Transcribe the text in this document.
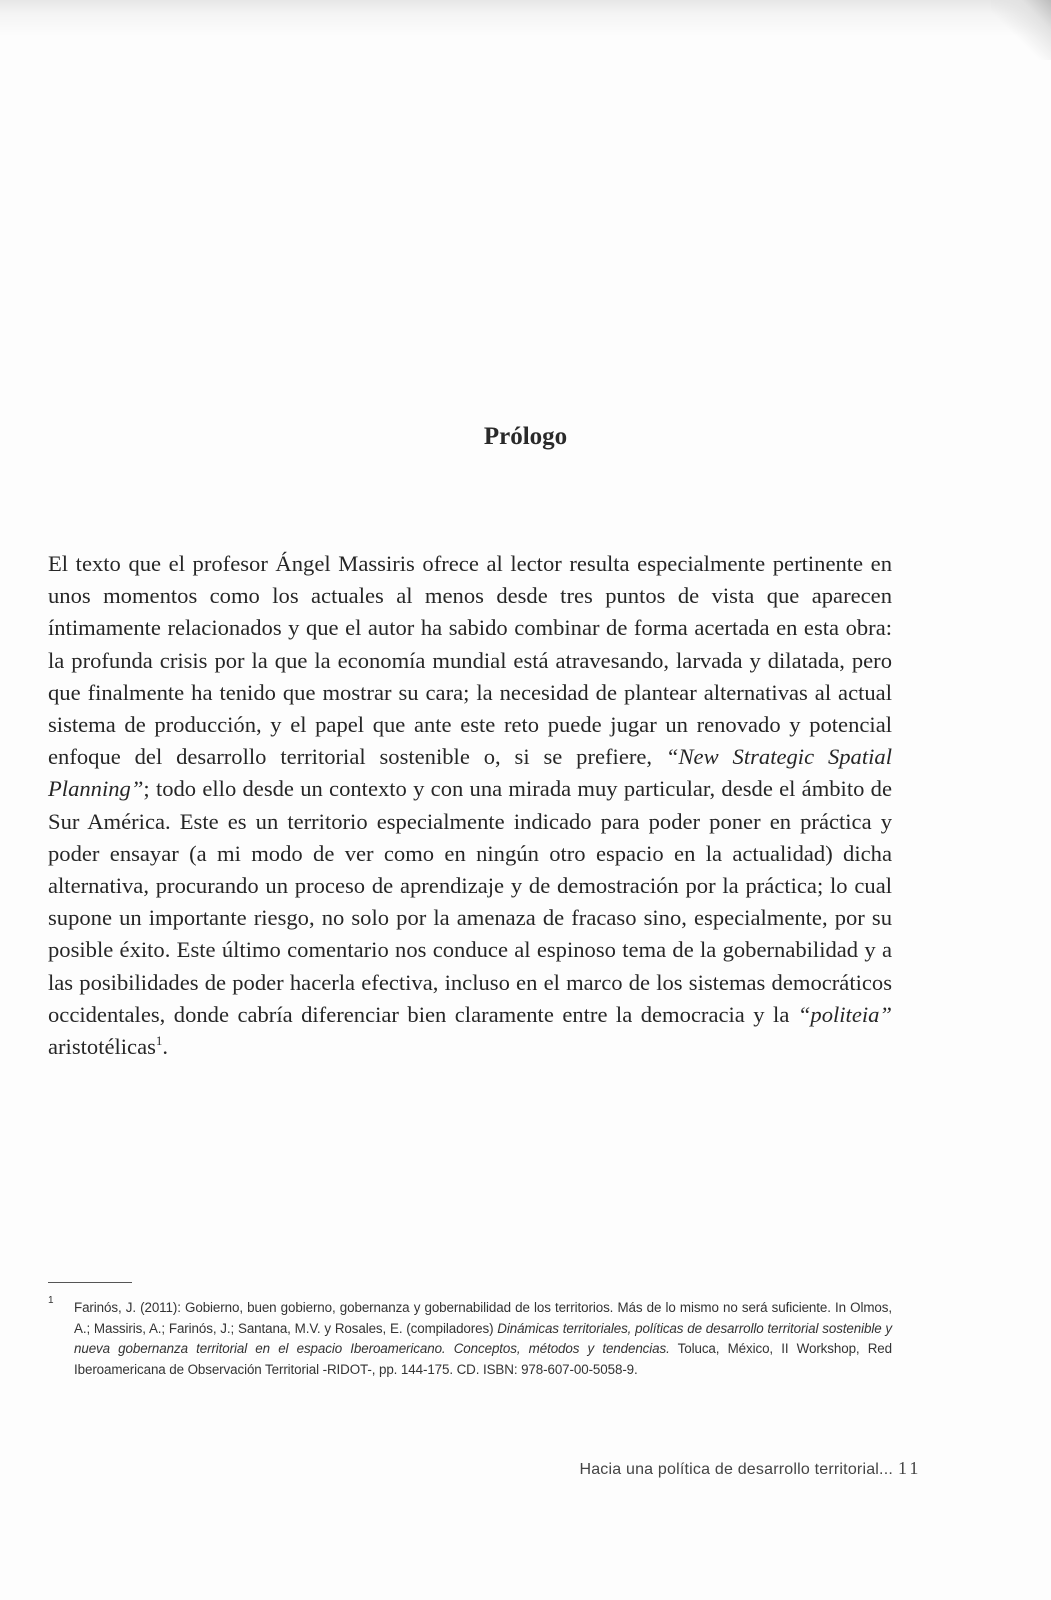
Prólogo

El texto que el profesor Ángel Massiris ofrece al lector resulta especialmente pertinente en unos momentos como los actuales al menos desde tres puntos de vista que aparecen íntimamente relacionados y que el autor ha sabido combinar de forma acertada en esta obra: la profunda crisis por la que la economía mundial está atravesando, larvada y dilatada, pero que finalmente ha tenido que mostrar su cara; la necesidad de plantear alternativas al actual sistema de producción, y el papel que ante este reto puede jugar un renovado y potencial enfoque del desarrollo territorial sostenible o, si se prefiere, “New Strategic Spatial Planning”; todo ello desde un contexto y con una mirada muy particular, desde el ámbito de Sur América. Este es un territorio especialmente indicado para poder poner en práctica y poder ensayar (a mi modo de ver como en ningún otro espacio en la actualidad) dicha alternativa, procurando un proceso de aprendizaje y de demostración por la práctica; lo cual supone un importante riesgo, no solo por la amenaza de fracaso sino, especialmente, por su posible éxito. Este último comentario nos conduce al espinoso tema de la gobernabilidad y a las posibilidades de poder hacerla efectiva, incluso en el marco de los sistemas democráticos occidentales, donde cabría diferenciar bien claramente entre la democracia y la “politeia” aristotélicas$^1$.

1 Farinós, J. (2011): Gobierno, buen gobierno, gobernanza y gobernabilidad de los territorios. Más de lo mismo no será suficiente. In Olmos, A.; Massiris, A.; Farinós, J.; Santana, M.V. y Rosales, E. (compiladores) Dinámicas territoriales, políticas de desarrollo territorial sostenible y nueva gobernanza territorial en el espacio Iberoamericano. Conceptos, métodos y tendencias. Toluca, México, II Workshop, Red Iberoamericana de Observación Territorial -RIDOT-, pp. 144-175. CD. ISBN: 978-607-00-5058-9.

Hacia una política de desarrollo territorial... 11
